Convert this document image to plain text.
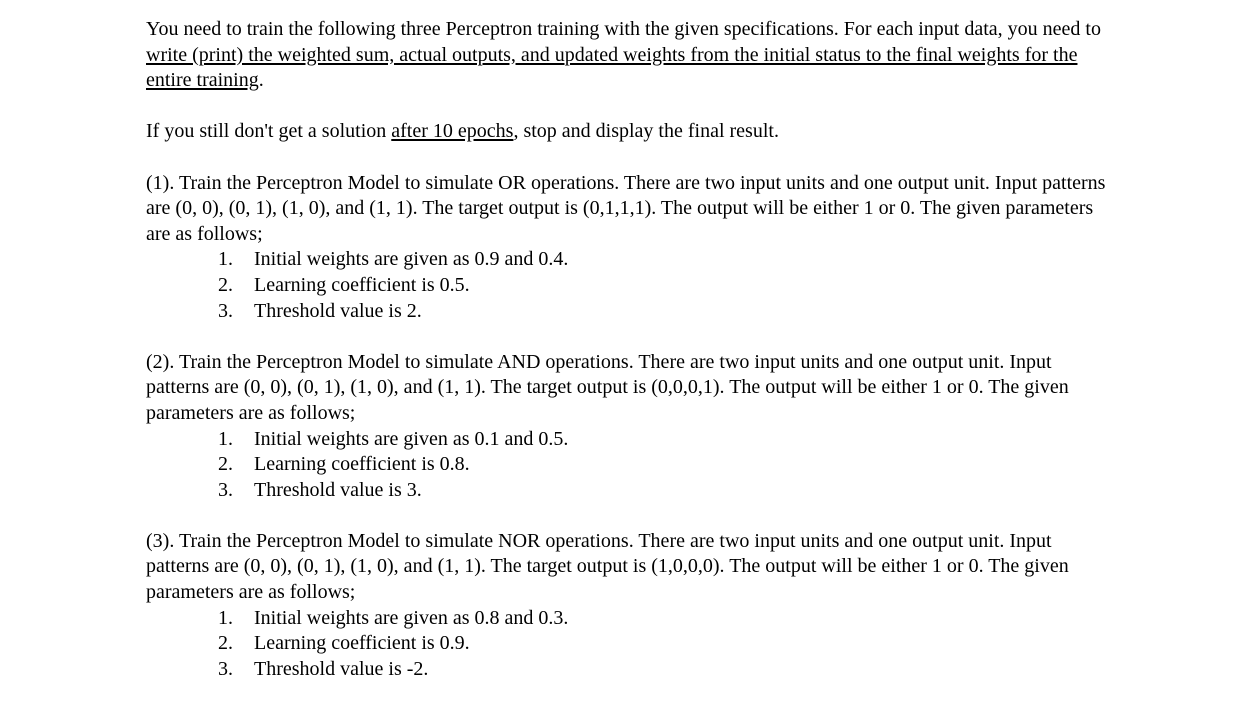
You need to train the following three Perceptron training with the given specifications. For each input data, you need to write (print) the weighted sum, actual outputs, and updated weights from the initial status to the final weights for the entire training.

If you still don't get a solution after 10 epochs, stop and display the final result.

(1). Train the Perceptron Model to simulate OR operations. There are two input units and one output unit. Input patterns are (0, 0), (0, 1), (1, 0), and (1, 1). The target output is (0,1,1,1). The output will be either 1 or 0. The given parameters are as follows;

1.	Initial weights are given as 0.9 and 0.4.
2.	Learning coefficient is 0.5.
3.	Threshold value is 2.

(2). Train the Perceptron Model to simulate AND operations. There are two input units and one output unit. Input patterns are (0, 0), (0, 1), (1, 0), and (1, 1). The target output is (0,0,0,1). The output will be either 1 or 0. The given parameters are as follows;

1.	Initial weights are given as 0.1 and 0.5.
2.	Learning coefficient is 0.8.
3.	Threshold value is 3.

(3). Train the Perceptron Model to simulate NOR operations. There are two input units and one output unit. Input patterns are (0, 0), (0, 1), (1, 0), and (1, 1). The target output is (1,0,0,0). The output will be either 1 or 0. The given parameters are as follows;

1.	Initial weights are given as 0.8 and 0.3.
2.	Learning coefficient is 0.9.
3.	Threshold value is -2.
